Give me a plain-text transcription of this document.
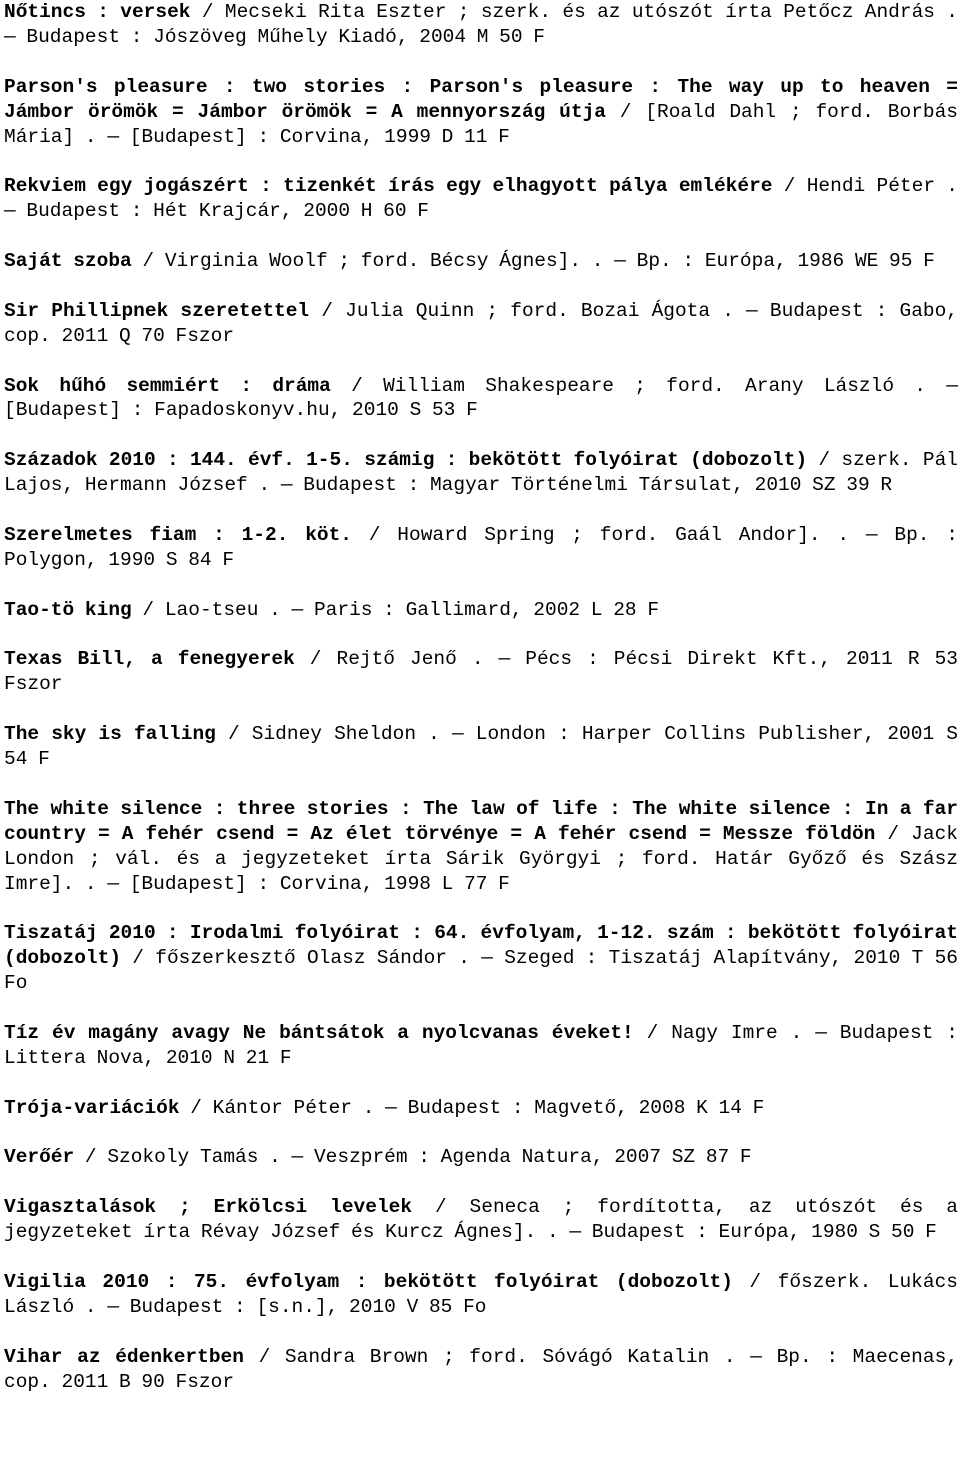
Nőtincs : versek / Mecseki Rita Eszter ; szerk. és az utószót írta Petőcz András . — Budapest : Jószöveg Műhely Kiadó, 2004 M 50 F

Parson's pleasure : two stories : Parson's pleasure : The way up to heaven = Jámbor örömök = Jámbor örömök = A mennyország útja / [Roald Dahl ; ford. Borbás Mária] . — [Budapest] : Corvina, 1999 D 11 F

Rekviem egy jogászért : tizenkét írás egy elhagyott pálya emlékére / Hendi Péter . — Budapest : Hét Krajcár, 2000 H 60 F

Saját szoba / Virginia Woolf ; ford. Bécsy Ágnes]. . — Bp. : Európa, 1986 WE 95 F

Sir Phillipnek szeretettel / Julia Quinn ; ford. Bozai Ágota . — Budapest : Gabo, cop. 2011 Q 70 Fszor

Sok hűhó semmiért : dráma / William Shakespeare ; ford. Arany László . — [Budapest] : Fapadoskonyv.hu, 2010 S 53 F

Századok 2010 : 144. évf. 1-5. számig : bekötött folyóirat (dobozolt) / szerk. Pál Lajos, Hermann József . — Budapest : Magyar Történelmi Társulat, 2010 SZ 39 R

Szerelmetes fiam : 1-2. köt. / Howard Spring ; ford. Gaál Andor]. . — Bp. : Polygon, 1990 S 84 F

Tao-tö king / Lao-tseu . — Paris : Gallimard, 2002 L 28 F

Texas Bill, a fenegyerek / Rejtő Jenő . — Pécs : Pécsi Direkt Kft., 2011 R 53 Fszor

The sky is falling / Sidney Sheldon . — London : Harper Collins Publisher, 2001 S 54 F

The white silence : three stories : The law of life : The white silence : In a far country = A fehér csend = Az élet törvénye = A fehér csend = Messze földön / Jack London ; vál. és a jegyzeteket írta Sárik Györgyi ; ford. Határ Győző és Szász Imre]. . — [Budapest] : Corvina, 1998 L 77 F

Tiszatáj 2010 : Irodalmi folyóirat : 64. évfolyam, 1-12. szám : bekötött folyóirat (dobozolt) / főszerkesztő Olasz Sándor . — Szeged : Tiszatáj Alapítvány, 2010 T 56 Fo

Tíz év magány avagy Ne bántsátok a nyolcvanas éveket! / Nagy Imre . — Budapest : Littera Nova, 2010 N 21 F

Trója-variációk / Kántor Péter . — Budapest : Magvető, 2008 K 14 F

Verőér / Szokoly Tamás . — Veszprém : Agenda Natura, 2007 SZ 87 F

Vigasztalások ; Erkölcsi levelek / Seneca ; fordította, az utószót és a jegyzeteket írta Révay József és Kurcz Ágnes]. . — Budapest : Európa, 1980 S 50 F

Vigilia 2010 : 75. évfolyam : bekötött folyóirat (dobozolt) / főszerk. Lukács László . — Budapest : [s.n.], 2010 V 85 Fo

Vihar az édenkertben / Sandra Brown ; ford. Sóvágó Katalin . — Bp. : Maecenas, cop. 2011 B 90 Fszor
